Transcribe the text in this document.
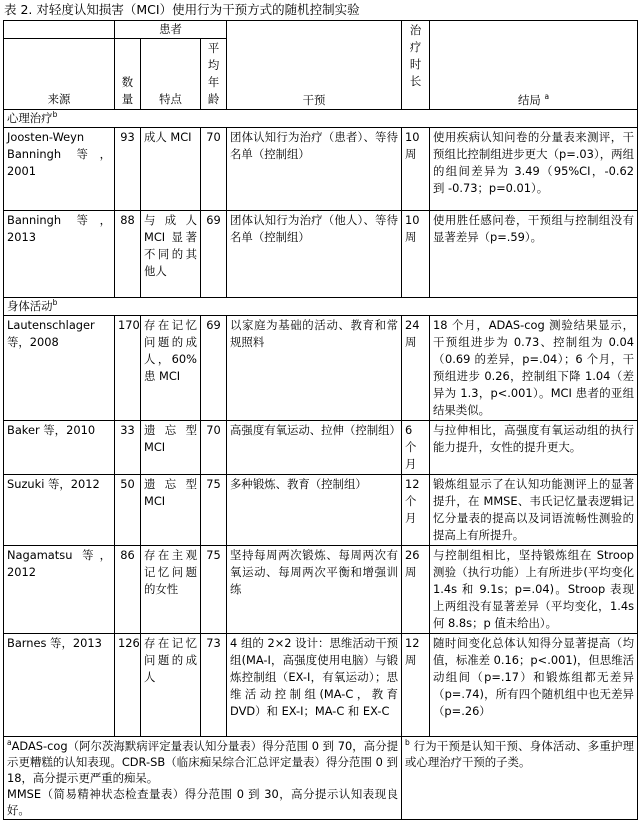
表 2. 对轻度认知损害（MCI）使用行为干预方式的随机控制实验
	患者			干预	治疗时长	结局 $^a$
来源	数量	特点	平均年龄			

心理治疗$^b$
Joosten-Weyn Banningh 等，2001	93	成人 MCI	70	团体认知行为治疗（患者）、等待名单（控制组）	10 周	使用疾病认知问卷的分量表来测评，干预组比控制组进步更大（p=.03），两组的组间差异为 3.49（95%CI，-0.62 到 -0.73；p=0.01）。
Banningh 等，2013	88	与成人 MCI 显著不同的其他人	69	团体认知行为治疗（他人）、等待名单（控制组）	10 周	使用胜任感问卷，干预组与控制组没有显著差异（p=.59）。
身体活动$^b$
Lautenschlager 等，2008	170	存在记忆问题的成人，60% 患 MCI	69	以家庭为基础的活动、教育和常规照料	24 周	18 个月，ADAS-cog 测验结果显示，干预组进步为 0.73、控制组为 0.04（0.69 的差异，p=.04）；6 个月，干预组进步 0.26，控制组下降 1.04（差异为 1.3，p<.001）。MCI 患者的亚组结果类似。
Baker 等，2010	33	遗忘型 MCI	70	高强度有氧运动、拉伸（控制组）	6 个月	与拉伸相比，高强度有氧运动组的执行能力提升，女性的提升更大。
Suzuki 等，2012	50	遗忘型 MCI	75	多种锻炼、教育（控制组）	12 个月	锻炼组显示了在认知功能测评上的显著提升，在 MMSE、韦氏记忆量表逻辑记忆分量表的提高以及词语流畅性测验的提高上有所提升。
Nagamatsu 等，2012	86	存在主观记忆问题的女性	75	坚持每周两次锻炼、每周两次有氧运动、每周两次平衡和增强训练	26 周	与控制组相比，坚持锻炼组在 Stroop 测验（执行功能）上有所进步(平均变化 1.4s 和 9.1s；p=.04)。Stroop 表现上两组没有显著差异（平均变化，1.4s 何 8.8s；p 值未给出）。
Barnes 等，2013	126	存在记忆问题的成人	73	4 组的 2×2 设计：思维活动干预组(MA-I，高强度使用电脑）与锻炼控制组（EX-I，有氧运动）；思维活动控制组(MA-C，教育 DVD）和 EX-I；MA-C 和 EX-C	12 周	随时间变化总体认知得分显著提高（均值，标准差 0.16；p<.001)，但思维活动组间（p=.17）和锻炼组都无差异（p=.74)，所有四个随机组中也无差异（p=.26）
$^a$ADAS-cog（阿尔茨海默病评定量表认知分量表）得分范围 0 到 70，高分提示更糟糕的认知表现。CDR-SB（临床痴呆综合汇总评定量表）得分范围 0 到 18，高分提示更严重的痴呆。
MMSE（简易精神状态检查量表）得分范围 0 到 30，高分提示认知表现良好。					$^b$ 行为干预是认知干预、身体活动、多重护理或心理治疗干预的子类。	
